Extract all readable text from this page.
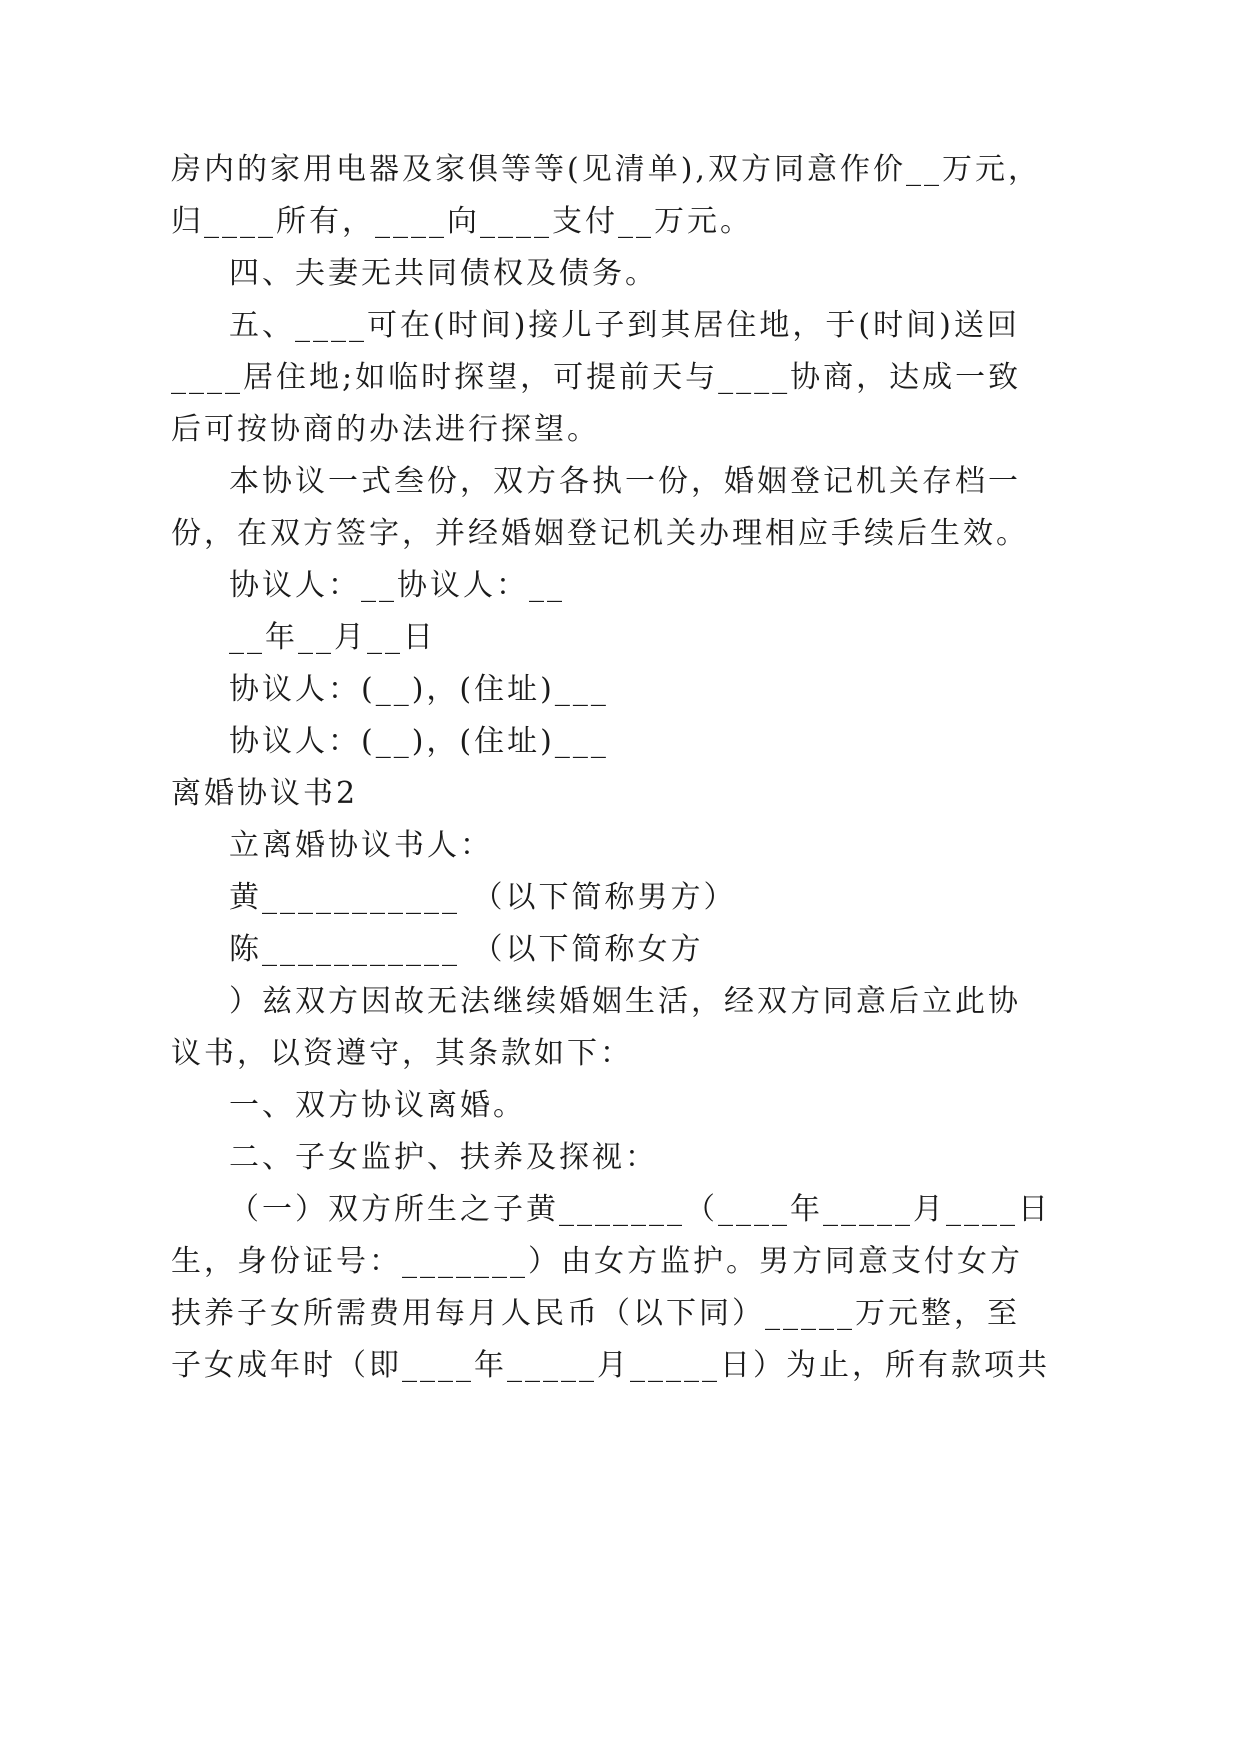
房内的家用电器及家俱等等(见清单),双方同意作价__万元，
归____所有，____向____支付__万元。
四、夫妻无共同债权及债务。
五、____可在(时间)接儿子到其居住地，于(时间)送回
____居住地;如临时探望，可提前天与____协商，达成一致
后可按协商的办法进行探望。
本协议一式叁份，双方各执一份，婚姻登记机关存档一
份，在双方签字，并经婚姻登记机关办理相应手续后生效。
协议人：__协议人：__
__年__月__日
协议人：(__)，(住址)___
协议人：(__)，(住址)___
离婚协议书2
立离婚协议书人：
黄___________ （以下简称男方）
陈___________ （以下简称女方
）兹双方因故无法继续婚姻生活，经双方同意后立此协
议书，以资遵守，其条款如下：
一、双方协议离婚。
二、子女监护、扶养及探视：
（一）双方所生之子黄_______（____年_____月____日
生，身份证号：_______）由女方监护。男方同意支付女方
扶养子女所需费用每月人民币（以下同）_____万元整，至
子女成年时（即____年_____月_____日）为止，所有款项共
